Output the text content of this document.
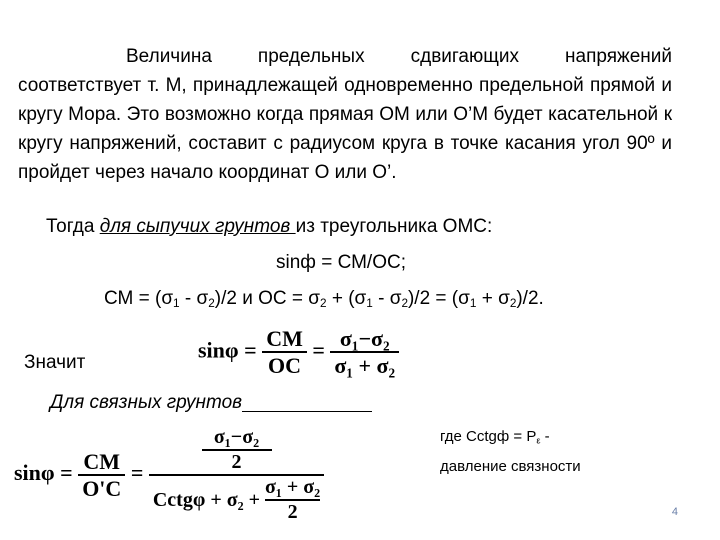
Величина предельных сдвигающих напряжений соответствует т. М, принадлежащей одновременно предельной прямой и кругу Мора. Это возможно когда прямая ОМ или О’М будет касательной к кругу напряжений, составит с радиусом круга в точке касания угол 90º и пройдет через начало координат О или О’.
Тогда для сыпучих грунтов из треугольника ОМС:
sinф = СМ/ОС;
СМ = $(\sigma_1 - \sigma_2)/2$ и ОС = $\sigma_2 + (\sigma_1 - \sigma_2)/2 = (\sigma_1 + \sigma_2)/2$.
Значит
$\sin\varphi = \frac{CM}{OC} = \frac{\text{σ₁−σ₂}}{\text{σ₁ + σ₂}}$
Для связных грунтов
где Cctgф = $Р_\varepsilon$ -
давление связности
$\sin\varphi = \frac{CM}{O'C} = \sigma_1-\sigma_2$
2
Cctgφ + σ₂ +

σ₁ + σ₂
2	4
